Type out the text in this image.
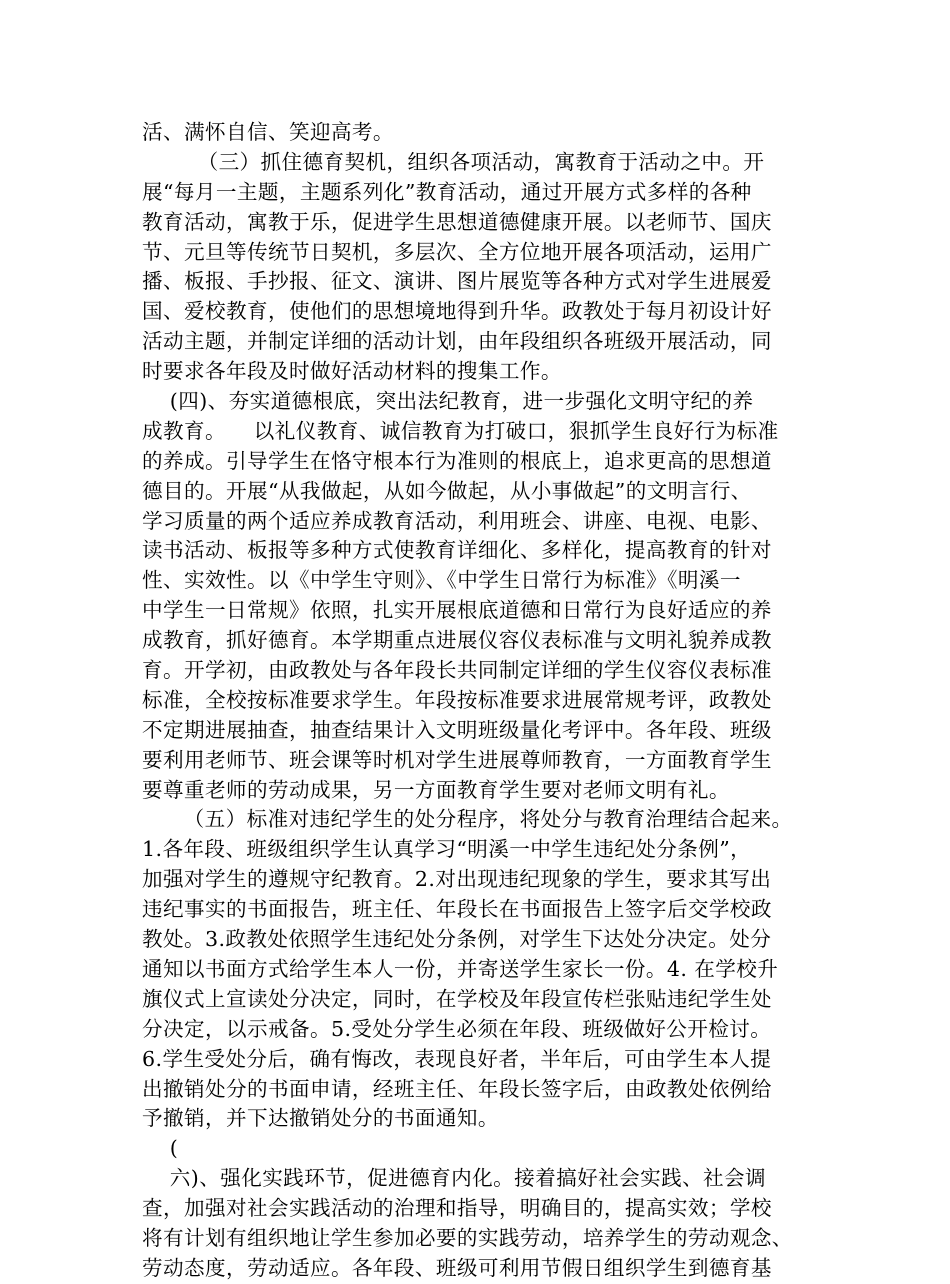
活、满怀自信、笑迎高考。
（三）抓住德育契机，组织各项活动，寓教育于活动之中。开
展“每月一主题，主题系列化”教育活动，通过开展方式多样的各种
教育活动，寓教于乐，促进学生思想道德健康开展。以老师节、国庆
节、元旦等传统节日契机，多层次、全方位地开展各项活动，运用广
播、板报、手抄报、征文、演讲、图片展览等各种方式对学生进展爱
国、爱校教育，使他们的思想境地得到升华。政教处于每月初设计好
活动主题，并制定详细的活动计划，由年段组织各班级开展活动，同
时要求各年段及时做好活动材料的搜集工作。
(四)、夯实道德根底，突出法纪教育，进一步强化文明守纪的养
成教育。    以礼仪教育、诚信教育为打破口，狠抓学生良好行为标准
的养成。引导学生在恪守根本行为准则的根底上，追求更高的思想道
德目的。开展“从我做起，从如今做起，从小事做起”的文明言行、
学习质量的两个适应养成教育活动，利用班会、讲座、电视、电影、
读书活动、板报等多种方式使教育详细化、多样化，提高教育的针对
性、实效性。以《中学生守则》、《中学生日常行为标准》《明溪一
中学生一日常规》依照，扎实开展根底道德和日常行为良好适应的养
成教育，抓好德育。本学期重点进展仪容仪表标准与文明礼貌养成教
育。开学初，由政教处与各年段长共同制定详细的学生仪容仪表标准
标准，全校按标准要求学生。年段按标准要求进展常规考评，政教处
不定期进展抽查，抽查结果计入文明班级量化考评中。各年段、班级
要利用老师节、班会课等时机对学生进展尊师教育，一方面教育学生
要尊重老师的劳动成果，另一方面教育学生要对老师文明有礼。
（五）标准对违纪学生的处分程序，将处分与教育治理结合起来。
1.各年段、班级组织学生认真学习“明溪一中学生违纪处分条例”，
加强对学生的遵规守纪教育。2.对出现违纪现象的学生，要求其写出
违纪事实的书面报告，班主任、年段长在书面报告上签字后交学校政
教处。3.政教处依照学生违纪处分条例，对学生下达处分决定。处分
通知以书面方式给学生本人一份，并寄送学生家长一份。4. 在学校升
旗仪式上宣读处分决定，同时，在学校及年段宣传栏张贴违纪学生处
分决定，以示戒备。5.受处分学生必须在年段、班级做好公开检讨。
6.学生受处分后，确有悔改，表现良好者，半年后，可由学生本人提
出撤销处分的书面申请，经班主任、年段长签字后，由政教处依例给
予撤销，并下达撤销处分的书面通知。
(
六)、强化实践环节，促进德育内化。接着搞好社会实践、社会调
查，加强对社会实践活动的治理和指导，明确目的，提高实效；学校
将有计划有组织地让学生参加必要的实践劳动，培养学生的劳动观念、
劳动态度，劳动适应。各年段、班级可利用节假日组织学生到德育基
